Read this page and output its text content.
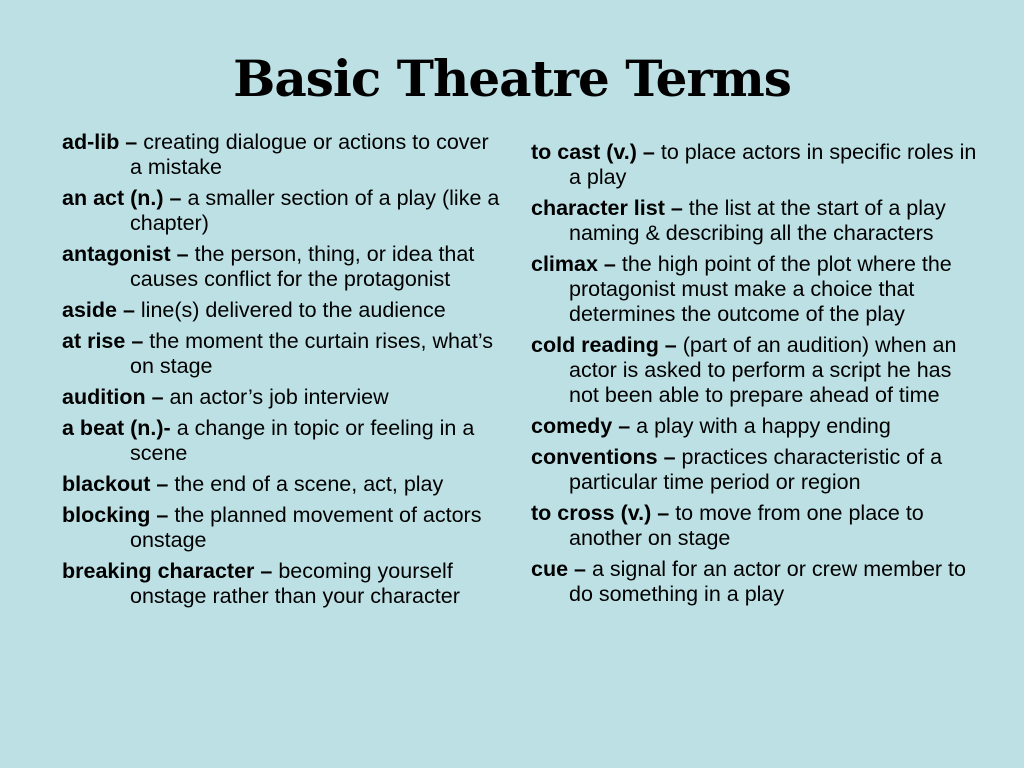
Basic Theatre Terms
ad-lib – creating dialogue or actions to cover a mistake
an act (n.) – a smaller section of a play (like a chapter)
antagonist – the person, thing, or idea that causes conflict for the protagonist
aside – line(s) delivered to the audience
at rise – the moment the curtain rises, what’s on stage
audition – an actor’s job interview
a beat (n.)- a change in topic or feeling in a scene
blackout – the end of a scene, act, play
blocking – the planned movement of actors onstage
breaking character – becoming yourself onstage rather than your character
to cast (v.) – to place actors in specific roles in a play
character list – the list at the start of a play naming & describing all the characters
climax – the high point of the plot where the protagonist must make a choice that determines the outcome of the play
cold reading – (part of an audition) when an actor is asked to perform a script he has not been able to prepare ahead of time
comedy – a play with a happy ending
conventions – practices characteristic of a particular time period or region
to cross (v.) – to move from one place to another on stage
cue – a signal for an actor or crew member to do something in a play
